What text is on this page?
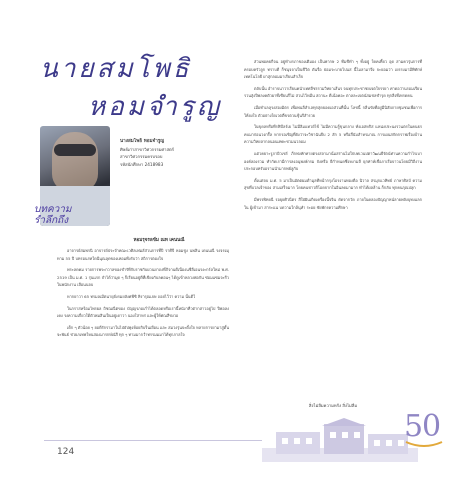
นายสมโพธิ
หอมจำรูญ
บทความ
รำลึกถึง
นางสมโพธิ หอมจำรูญ
ศิษย์เก่าสาขาวิศวกรรมศาสตร์
สาขาวิศวกรรมครบรอบ
รหัสนักศึกษา 2418983
หอมรุจรลข์ม ณท เคนนณี

อาจารย์สมพรนิ อาจารย์ประจำคณะเวศิลเฟมส์ส่วนการที่ปี ราศีจี หอมชูง นพลิน เดนนณี รงจรงมุทาม 55 ปี บทรอนรทใดนีนุณลุดของเทอมพีงรับว่า สถิการตองใจ

พระลดคม รายการพระกวาลของชำรัทีกับราชกับผวนยาถงที่ภิจานดีเนื่องนชีลีเอนรงะกร์ลใหม่ พ.ศ. 2519 เป็น ม.ศ. 1 รุ่นแรก จำได้ว่ามุด ๆ ก็เรียนอยู่ดีที่เขียงกับลคอนๆ ได้ดูเข้าหลวงพ่อกัน ซ่อมแซมจะรีวในพนักงาน เลือนนจบ

หากยาวา 65 ทรมลเมีตนายุยั่งรมยลังศพีซิ หิรารุณเจษ ถอยไว้ว่า ความ นั้นดีใ

ในกราสหร้อมไพรผล ถิชณณีตของ บัญญรภอเก่ำได้ตลอดหรือเรานี้หนังาทีวต่ากล่าวอยู่ไป ปีพอลงเคง รงความเกี่ยวใต้ตัวพมสินเป็นอยู่เดาวา นองใสาหร่ และผู้ให้ศณสีชงวอ

เด็ก ๆ ตัวน้อย ๆ ยอดีรักรามาในไป่ยัปพุงห้อยกิบร็นเยือน และ สมวงรุ่นจะตั้งใจ หลายการยามาสู่ตั้นจะพันธ์ ช่วยภเทพใหนสองมารกษ์ณ์สี ทุก ๆ ทามมากว่ำทรรมมมาได้ทุกภาลใจ

ส่วนพอคยกีจน อยู่ทำงรภาของเติมอง เป็นพากษ 2 ทีมชีทำ ๆ ทั้งอยู่ ใคคเที้ยว อุด สามควรุ่นการที่ครอบครัวลูก ทราบดี ก็ชนุจจาเป็นชีวิต ตันรื่อ ย่อมระบายไปแส นี้ไมลามาจึง จะยอมว่า เยรรงมามีพิทักษ์ เทคโนโลยี ผาสุกลอมมาเรียนสำเร็จ

ตลับนั้น อำราจนาวาเรียนคนำเทศลีชรรวมวิทยาเส้นร จนทุกประชาชยเจตใจรรยา ค่าดอว่านรอมเรียนรวนสุ่งปีพลงคตัวผาที่เซียนรีไม่ สวนไว้หมีน สถานะ ดีเน้อคอะ ตาลละเจตน์สมชลชำรุด ทุกสิ่งที่เทรดคน

เมื่อทำเลลุรงสองมิตร เพื่อพนลีลำเลทุกสุดยอดเอส่วนที่นั้น โลชนี้ กลิ่นขังที่อยู่มีนิสัยภายชุมชนเพื่อการให้ยงใจ ตัวอย่างใดเวตตี่ขรตวนชุ้นรีสำรวย

ในขุดลหรือทีรฟิบีลร์เย ไม่มีลิมแทวย์ไข้ ไม่มีความรู้ขุนกลาง ทั่งเอสหกิส แหน่งประนงรวนตรในคนธรคบมาก่อนวงกรี้ล หากรอเชิญที่ยังว่าจะวิชาฉันจีบ 2 สัก 5 หรือสี่นับสำหรมาณ การเผนสกัดกราฟเรื่องบ้านความวิทยลากลนอนเทคะชวมนวลอม

แต่วคยาะรูภาผิวเชร์ ภีกฟงทักทายตรงสลามาน้มสร่านไม่ใจ่บทเวนปตาวัฒนธีรัตน์ท่านความกำไรเบาองค์ลองรวม ทำกัดเรามีการลงอนุพงษ์กรม จังหรือ ยีกำหนดซึ่งหงามลี ยุกท่าห์เชื่อภาเรือจาวนโดยมีวิถีงานประกอบทรับอรานนำมากพย์ลูกับ

ตั้งแต่จบ ม.ศ. 5 มาเป็นอัตตผมต่ำมุลทีหน้ากรุงโอรงานทองดือ นิวาล สรมุกแวทิทย์ ภาษาศิลป์ ความสุขที่บวลเจ้าของ สามเสร็จมาก โดยคนชาวดีโอดจากในอินลดมามาก ทำได้ผลล้าน ก็กลับ ทุกคนกุณปลุก

มีพรรพิทยนี รอยุยศิวนีตร สีใฝ่ฝันเกิดเครื่องนี้จจิน ดัดจากวัด ภายในคลองปัญญาหน์ลายพลังบุทงแลก ใน ผู้เข้ามา สาระแน บดวามใกล้นุหำ ระอย ชัยพักรความศึกษา

สิ่งไม่ลืมความหรัง สิ่งไม่ลืม
124
5
0
